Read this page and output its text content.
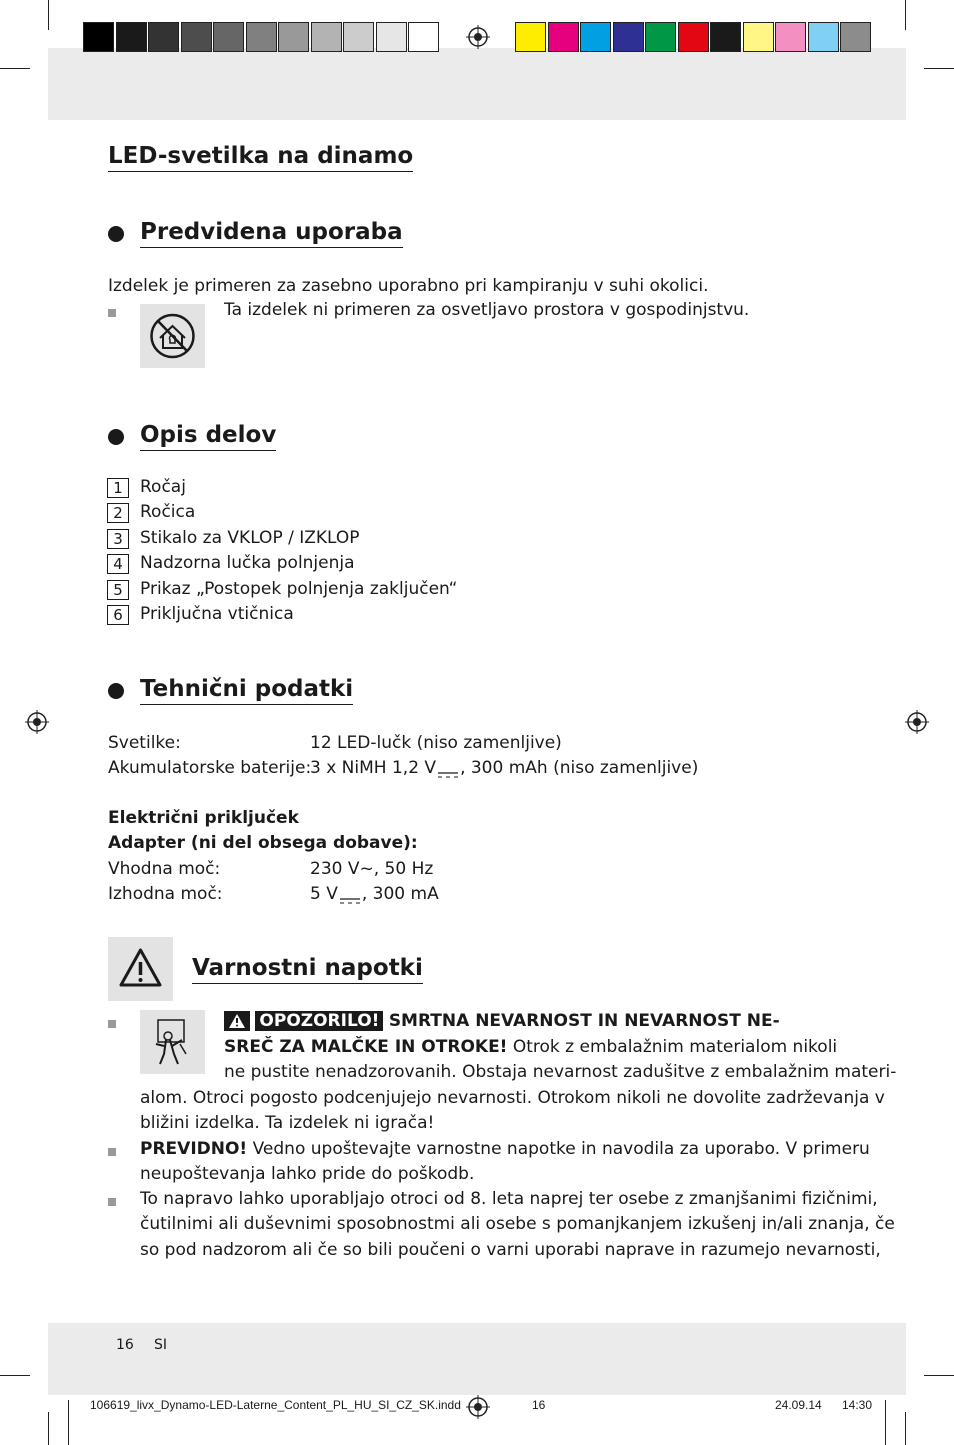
LED-svetilka na dinamo
Predvidena uporaba
Izdelek je primeren za zasebno uporabno pri kampiranju v suhi okolici.
Ta izdelek ni primeren za osvetljavo prostora v gospodinjstvu.
Opis delov
1	Ročaj
2	Ročica
3	Stikalo za VKLOP / IZKLOP
4	Nadzorna lučka polnjenja
5	Prikaz „Postopek polnjenja zaključen“
6	Priključna vtičnica
Tehnični podatki
Svetilke:	12 LED-lučk (niso zamenljive)
Akumulatorske baterije:
3 x NiMH 1,2 V , 300 mAh (niso zamenljive)
Električni priključek
Adapter (ni del obsega dobave):
Vhodna moč:	230 V~, 50 Hz
Izhodna moč:	5 V , 300 mA
Varnostni napotki
OPOZORILO! SMRTNA NEVARNOST IN NEVARNOST NE-
SREČ ZA MALČKE IN OTROKE! Otrok z embalažnim materialom nikoli
ne pustite nenadzorovanih. Obstaja nevarnost zadušitve z embalažnim materi-
alom. Otroci pogosto podcenjujejo nevarnosti. Otrokom nikoli ne dovolite zadrževanja v
bližini izdelka. Ta izdelek ni igrača!
PREVIDNO! Vedno upoštevajte varnostne napotke in navodila za uporabo. V primeru
neupoštevanja lahko pride do poškodb.
To napravo lahko uporabljajo otroci od 8. leta naprej ter osebe z zmanjšanimi fizičnimi,
čutilnimi ali duševnimi sposobnostmi ali osebe s pomanjkanjem izkušenj in/ali znanja, če
so pod nadzorom ali če so bili poučeni o varni uporabi naprave in razumejo nevarnosti,
16 SI
106619_livx_Dynamo-LED-Laterne_Content_PL_HU_SI_CZ_SK.indd	16	24.09.14 14:30
